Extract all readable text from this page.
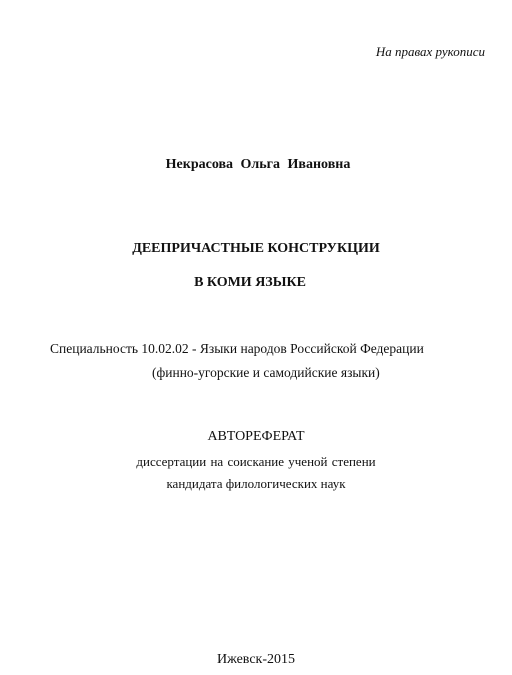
На правах рукописи
Некрасова Ольга Ивановна
ДЕЕПРИЧАСТНЫЕ КОНСТРУКЦИИ
В КОМИ ЯЗЫКЕ
Специальность 10.02.02 - Языки народов Российской Федерации
(финно-угорские и самодийские языки)
АВТОРЕФЕРАТ
диссертации на соискание ученой степени
кандидата филологических наук
Ижевск-2015
